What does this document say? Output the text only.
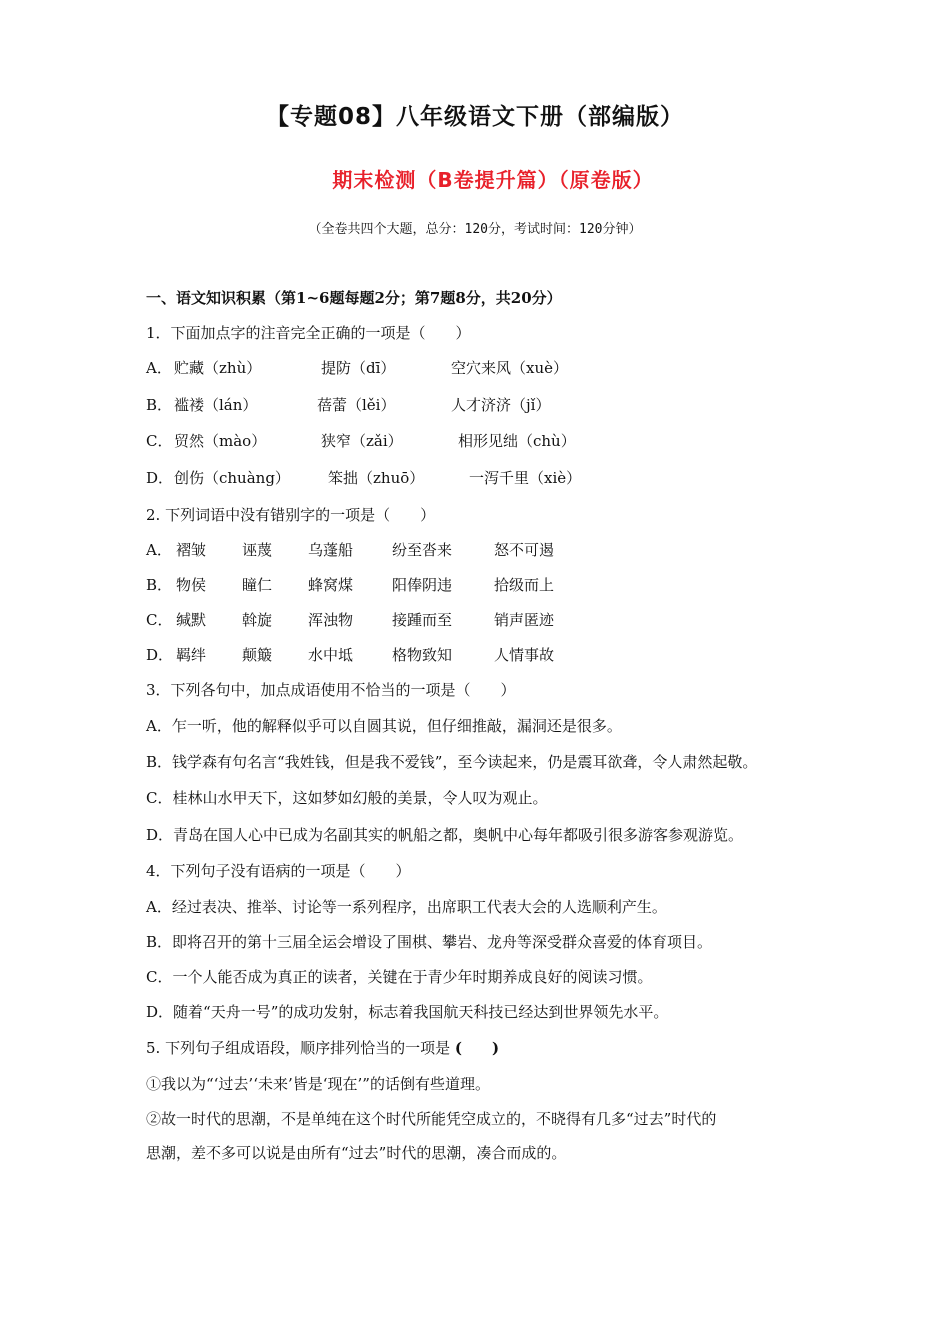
【专题08】八年级语文下册（部编版）
期末检测（B卷提升篇）（原卷版）
（全卷共四个大题，总分：120分，考试时间：120分钟）
一、语文知识积累（第1~6题每题2分；第7题8分，共20分）
1．下面加点字的注音完全正确的一项是（　　）
A． 贮藏（zhù）	提防（dī）	空穴来风（xuè）
B． 褴褛（lán）	蓓蕾（lěi）	人才济济（jǐ）
C． 贸然（mào）	狭窄（zǎi）	相形见绌（chù）
D． 创伤（chuàng）	笨拙（zhuō）	一泻千里（xiè）
2. 下列词语中没有错别字的一项是（　　）
A． 褶皱 诬蔑 乌蓬船	纷至沓来	怒不可遏
B． 物侯 瞳仁 蜂窝煤	阳俸阴违	拾级而上
C． 缄默 斡旋 浑浊物	接踵而至	销声匿迹
D． 羁绊 颠簸 水中坻	格物致知	人情事故
3．下列各句中，加点成语使用不恰当的一项是（　　）
A．乍一听，他的解释似乎可以自圆其说，但仔细推敲，漏洞还是很多。
B．钱学森有句名言“我姓钱，但是我不爱钱”，至今读起来，仍是震耳欲聋，令人肃然起敬。
C．桂林山水甲天下，这如梦如幻般的美景，令人叹为观止。
D．青岛在国人心中已成为名副其实的帆船之都，奥帆中心每年都吸引很多游客参观游览。
4．下列句子没有语病的一项是（　　）
A．经过表决、推举、讨论等一系列程序，出席职工代表大会的人选顺利产生。
B．即将召开的第十三届全运会增设了围棋、攀岩、龙舟等深受群众喜爱的体育项目。
C．一个人能否成为真正的读者，关键在于青少年时期养成良好的阅读习惯。
D．随着“天舟一号”的成功发射，标志着我国航天科技已经达到世界领先水平。
5. 下列句子组成语段，顺序排列恰当的一项是 (　　)
①我以为“‘过去’‘未来’皆是‘现在’”的话倒有些道理。
②故一时代的思潮，不是单纯在这个时代所能凭空成立的，不晓得有几多“过去”时代的
思潮，差不多可以说是由所有“过去”时代的思潮，凑合而成的。
